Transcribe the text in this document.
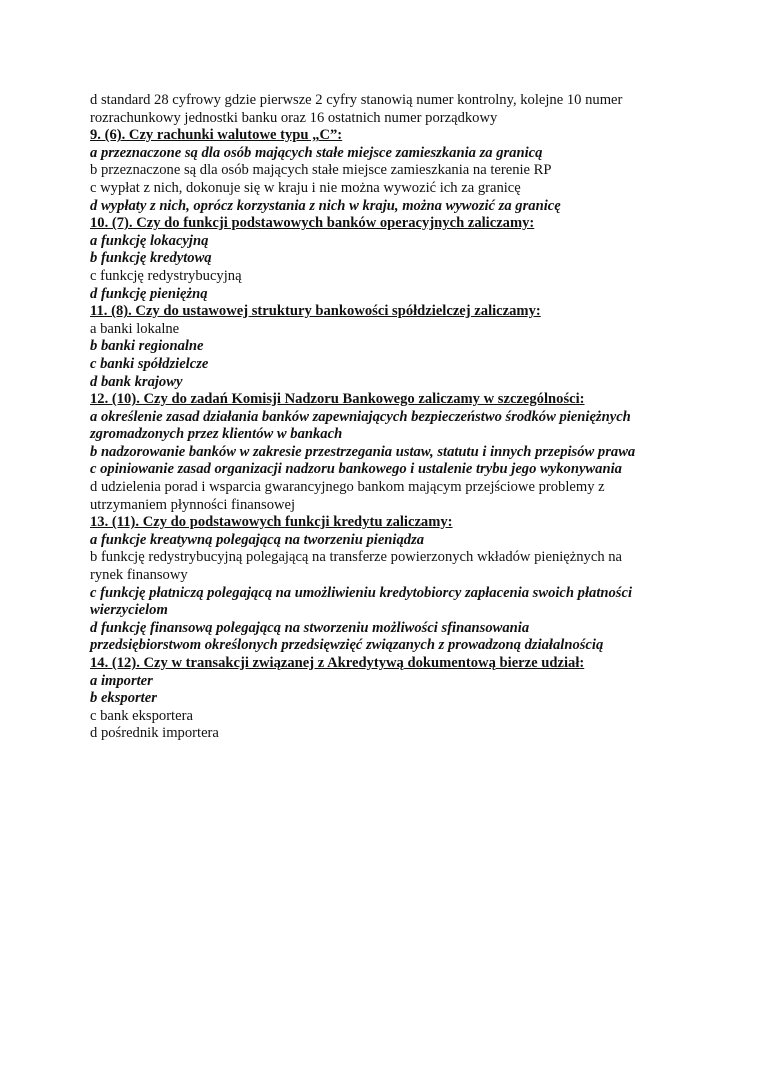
d standard 28 cyfrowy gdzie pierwsze 2 cyfry stanowią numer kontrolny, kolejne 10 numer

rozrachunkowy jednostki banku oraz 16 ostatnich numer porządkowy

9. (6). Czy rachunki walutowe typu „C”:

a przeznaczone są dla osób mających stałe miejsce zamieszkania za granicą

b przeznaczone są dla osób mających stałe miejsce zamieszkania na terenie RP

c wypłat z nich, dokonuje się w kraju i nie można wywozić ich za granicę

d wypłaty z nich, oprócz korzystania z nich w kraju, można wywozić za granicę

10. (7). Czy do funkcji podstawowych banków operacyjnych zaliczamy:

a funkcję lokacyjną

b funkcję kredytową

c funkcję redystrybucyjną

d funkcję pieniężną

11. (8). Czy do ustawowej struktury bankowości spółdzielczej zaliczamy:

a banki lokalne

b banki regionalne

c banki spółdzielcze

d bank krajowy

12. (10). Czy do zadań Komisji Nadzoru Bankowego zaliczamy w szczególności:

a określenie zasad działania banków zapewniających bezpieczeństwo środków pieniężnych

zgromadzonych przez klientów w bankach

b nadzorowanie banków w zakresie przestrzegania ustaw, statutu i innych przepisów prawa

c opiniowanie zasad organizacji nadzoru bankowego i ustalenie trybu jego wykonywania

d udzielenia porad i wsparcia gwarancyjnego bankom mającym przejściowe problemy z

utrzymaniem płynności finansowej

13. (11). Czy do podstawowych funkcji kredytu zaliczamy:

a funkcje kreatywną polegającą na tworzeniu pieniądza

b funkcję redystrybucyjną polegającą na transferze powierzonych wkładów pieniężnych na

rynek finansowy

c funkcję płatniczą polegającą na umożliwieniu kredytobiorcy zapłacenia swoich płatności

wierzycielom

d funkcję finansową polegającą na stworzeniu możliwości sfinansowania

przedsiębiorstwom określonych przedsięwzięć związanych z prowadzoną działalnością

14. (12). Czy w transakcji związanej z Akredytywą dokumentową bierze udział:

a importer

b eksporter

c bank eksportera

d pośrednik importera
